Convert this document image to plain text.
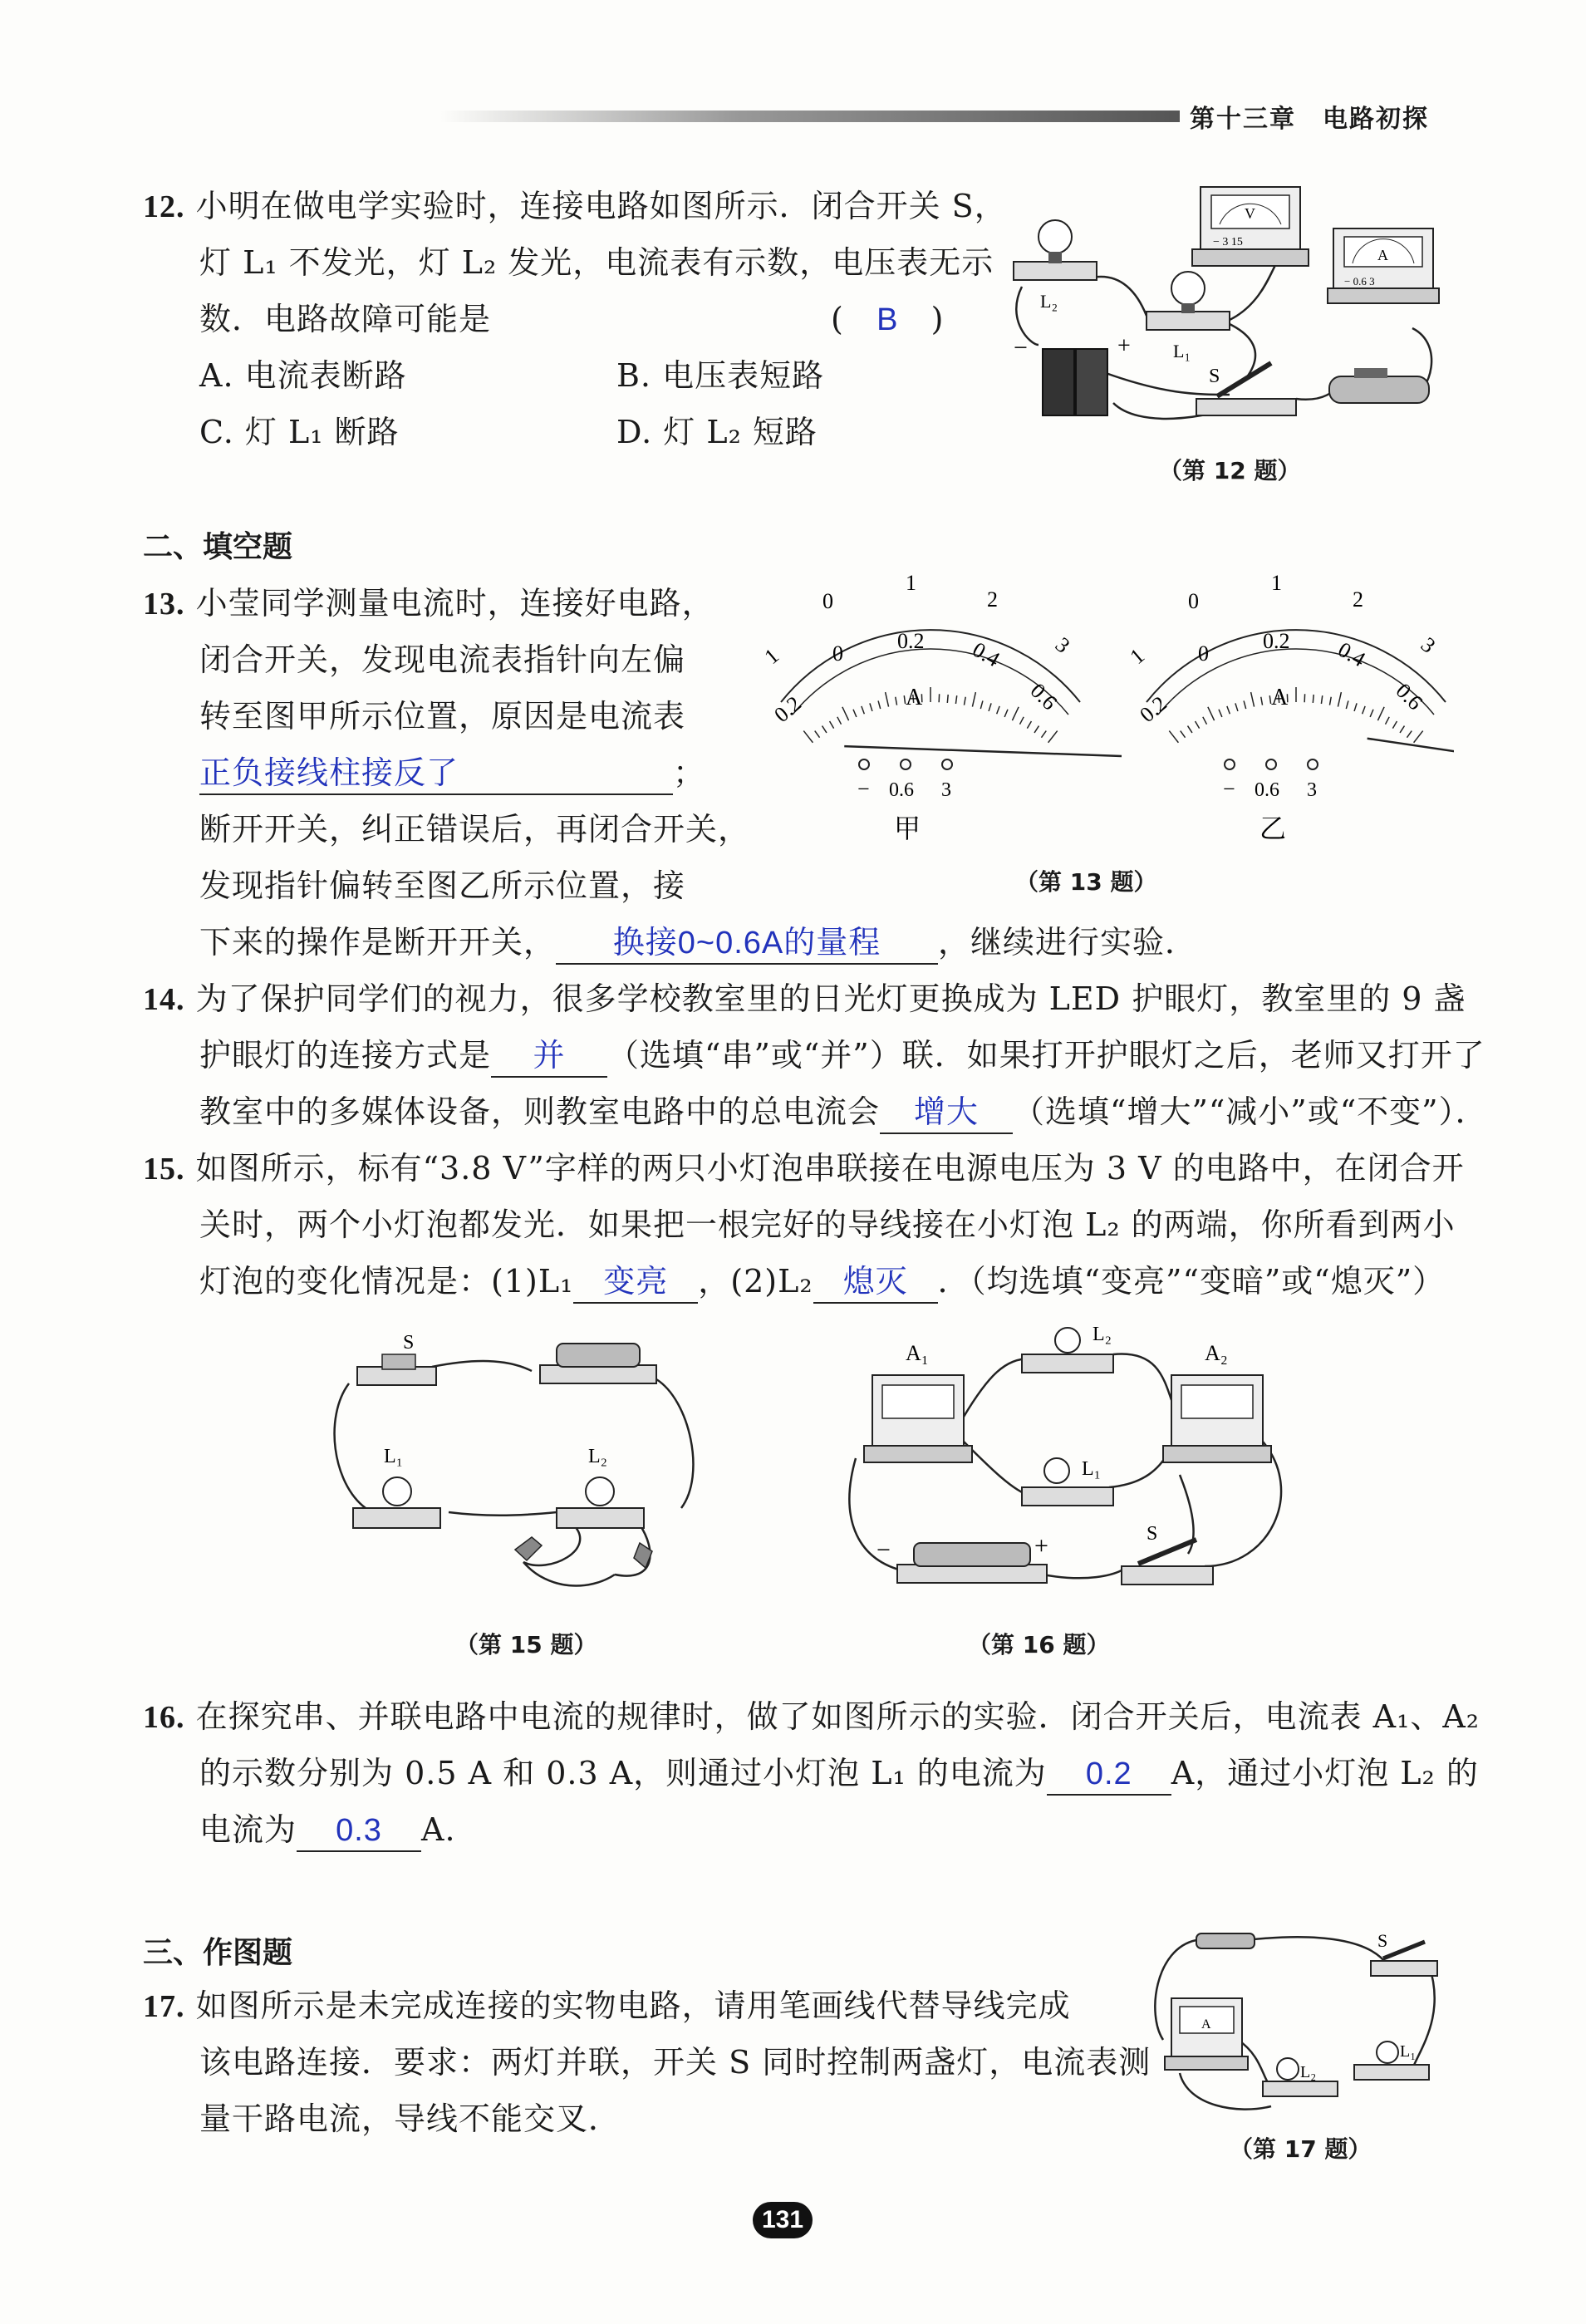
第十三章　电路初探
12. 小明在做电学实验时，连接电路如图所示．闭合开关 S，
灯 L₁ 不发光，灯 L₂ 发光，电流表有示数，电压表无示
数．电路故障可能是	(   B   )
A. 电流表断路	B. 电压表短路
C. 灯 L₁ 断路	D. 灯 L₂ 短路
L₂
V
− 3 15
A
− 0.6 3
L₁
−	+
S
（第 12 题）
二、填空题
13. 小莹同学测量电流时，连接好电路，
闭合开关，发现电流表指针向左偏
转至图甲所示位置，原因是电流表
正负接线柱接反了	；
断开开关，纠正错误后，再闭合开关，
发现指针偏转至图乙所示位置，接
下来的操作是断开开关， 换接0~0.6A的量程 ，继续进行实验．
1
0
1
2
3
0.2
0
0.2 0.4
0.6
A
− 0.6 3
甲
1
0
1
2
3
0.2
0
0.2 0.4
0.6
A
− 0.6 3
乙
（第 13 题）
14. 为了保护同学们的视力，很多学校教室里的日光灯更换成为 LED 护眼灯，教室里的 9 盏
护眼灯的连接方式是 并 （选填“串”或“并”）联．如果打开护眼灯之后，老师又打开了
教室中的多媒体设备，则教室电路中的总电流会 增大 （选填“增大”“减小”或“不变”）．
15. 如图所示，标有“3.8 V”字样的两只小灯泡串联接在电源电压为 3 V 的电路中，在闭合开
关时，两个小灯泡都发光．如果把一根完好的导线接在小灯泡 L₂ 的两端，你所看到两小
灯泡的变化情况是：(1)L₁ 变亮 ，(2)L₂ 熄灭 ．（均选填“变亮”“变暗”或“熄灭”）
S
L₁	L₂
（第 15 题）
A₁	A₂
L₂
L₁
−	+	S
（第 16 题）
16. 在探究串、并联电路中电流的规律时，做了如图所示的实验．闭合开关后，电流表 A₁、A₂
的示数分别为 0.5 A 和 0.3 A，则通过小灯泡 L₁ 的电流为 0.2 A，通过小灯泡 L₂ 的
电流为 0.3 A.
三、作图题
17. 如图所示是未完成连接的实物电路，请用笔画线代替导线完成
该电路连接．要求：两灯并联，开关 S 同时控制两盏灯，电流表测
量干路电流，导线不能交叉．
S
A
L₂
L₁
（第 17 题）
131
